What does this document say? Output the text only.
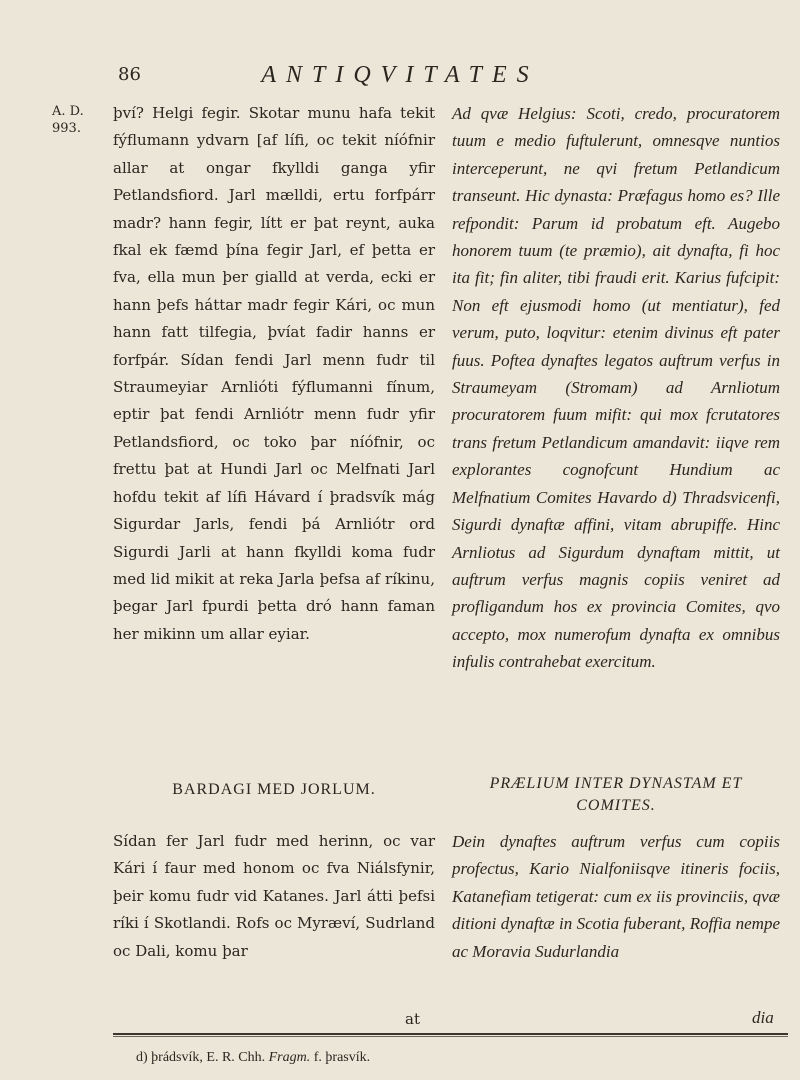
86	ANTIQVITATES
A. D. 993.

því? Helgi fegir. Skotar munu hafa tekit fýflumann ydvarn [af lífi, oc tekit níófnir allar at ongar fkylldi ganga yfir Petlandsfiord. Jarl mælldi, ertu forfpárr madr? hann fegir, lítt er þat reynt, auka fkal ek fæmd þína fegir Jarl, ef þetta er fva, ella mun þer gialld at verda, ecki er hann þefs háttar madr fegir Kári, oc mun hann fatt tilfegia, þvíat fadir hanns er forfpár. Sídan fendi Jarl menn fudr til Straumeyiar Arnlióti fýflumanni fínum, eptir þat fendi Arnliótr menn fudr yfir Petlandsfiord, oc toko þar níófnir, oc frettu þat at Hundi Jarl oc Melfnati Jarl hofdu tekit af lífi Hávard í þradsvík mág Sigurdar Jarls, fendi þá Arnliótr ord Sigurdi Jarli at hann fkylldi koma fudr med lid mikit at reka Jarla þefsa af ríkinu, þegar Jarl fpurdi þetta dró hann faman her mikinn um allar eyiar.

BARDAGI MED JORLUM.

Sídan fer Jarl fudr med herinn, oc var Kári í faur med honom oc fva Niálsfynir, þeir komu fudr vid Katanes. Jarl átti þefsi ríki í Skotlandi. Rofs oc Myræví, Sudrland oc Dali, komu þar

at

Ad qvæ Helgius: Scoti, credo, procuratorem tuum e medio fuftulerunt, omnesqve nuntios interceperunt, ne qvi fretum Petlandicum transeunt. Hic dynasta: Præfagus homo es? Ille refpondit: Parum id probatum eft. Augebo honorem tuum (te præmio), ait dynafta, fi hoc ita fit; fin aliter, tibi fraudi erit. Karius fufcipit: Non eft ejusmodi homo (ut mentiatur), fed verum, puto, loqvitur: etenim divinus eft pater fuus. Poftea dynaftes legatos auftrum verfus in Straumeyam (Stromam) ad Arnliotum procuratorem fuum mifit: qui mox fcrutatores trans fretum Petlandicum amandavit: iiqve rem explorantes cognofcunt Hundium ac Melfnatium Comites Havardo d) Thradsvicenfi, Sigurdi dynaftæ affini, vitam abrupiffe. Hinc Arnliotus ad Sigurdum dynaftam mittit, ut auftrum verfus magnis copiis veniret ad profligandum hos ex provincia Comites, qvo accepto, mox numerofum dynafta ex omnibus infulis contrahebat exercitum.

PRÆLIUM INTER DYNASTAM ET COMITES.

Dein dynaftes auftrum verfus cum copiis profectus, Kario Nialfoniisqve itineris fociis, Katanefiam tetigerat: cum ex iis provinciis, qvæ ditioni dynaftæ in Scotia fuberant, Roffia nempe ac Moravia Sudurlandia

dia
d) þrádsvík, E. R. Chh. Fragm. f. þrasvík.
